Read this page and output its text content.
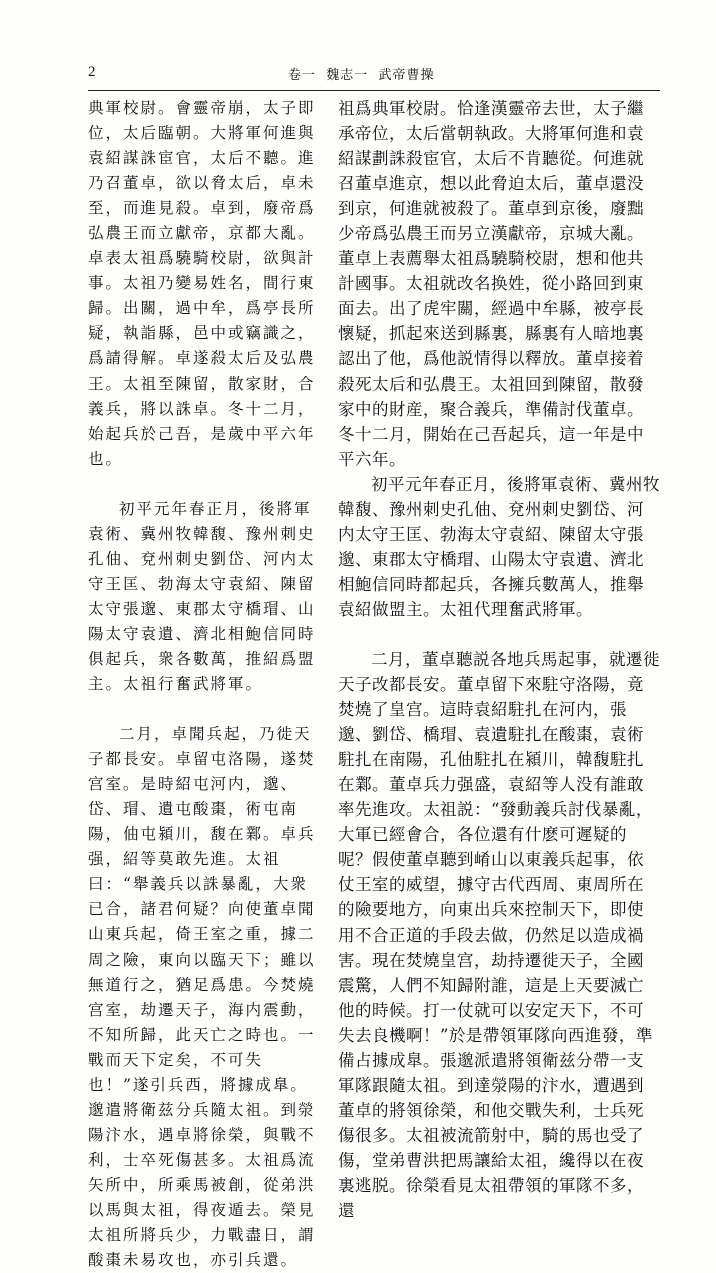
2	卷一  魏志一  武帝曹操

典軍校尉。會靈帝崩，太子即位，太后臨朝。大將軍何進與袁紹謀誅宦官，太后不聽。進乃召董卓，欲以脅太后，卓未至，而進見殺。卓到，廢帝爲弘農王而立獻帝，京都大亂。卓表太祖爲驍騎校尉，欲與計事。太祖乃變易姓名，間行東歸。出關，過中牟，爲亭長所疑，執詣縣，邑中或竊識之，爲請得解。卓遂殺太后及弘農王。太祖至陳留，散家財，合義兵，將以誅卓。冬十二月，始起兵於己吾，是歲中平六年也。

初平元年春正月，後將軍袁術、冀州牧韓馥、豫州刺史孔伷、兗州刺史劉岱、河内太守王匡、勃海太守袁紹、陳留太守張邈、東郡太守橋瑁、山陽太守袁遺、濟北相鮑信同時俱起兵，衆各數萬，推紹爲盟主。太祖行奮武將軍。

二月，卓聞兵起，乃徙天子都長安。卓留屯洛陽，遂焚宫室。是時紹屯河内，邈、岱、瑁、遺屯酸棗，術屯南陽，伷屯潁川，馥在鄴。卓兵强，紹等莫敢先進。太祖曰：“舉義兵以誅暴亂，大衆已合，諸君何疑？向使董卓聞山東兵起，倚王室之重，據二周之險，東向以臨天下；雖以無道行之，猶足爲患。今焚燒宫室，劫遷天子，海内震動，不知所歸，此天亡之時也。一戰而天下定矣，不可失也！”遂引兵西，將據成臯。邈遣將衛兹分兵隨太祖。到滎陽汴水，遇卓將徐榮，與戰不利，士卒死傷甚多。太祖爲流矢所中，所乘馬被創，從弟洪以馬與太祖，得夜遁去。榮見太祖所將兵少，力戰盡日，謂酸棗未易攻也，亦引兵還。

祖爲典軍校尉。恰逢漢靈帝去世，太子繼承帝位，太后當朝執政。大將軍何進和袁紹謀劃誅殺宦官，太后不肯聽從。何進就召董卓進京，想以此脅迫太后，董卓還没到京，何進就被殺了。董卓到京後，廢黜少帝爲弘農王而另立漢獻帝，京城大亂。董卓上表薦舉太祖爲驍騎校尉，想和他共計國事。太祖就改名换姓，從小路回到東面去。出了虎牢關，經過中牟縣，被亭長懷疑，抓起來送到縣裏，縣裏有人暗地裏認出了他，爲他説情得以釋放。董卓接着殺死太后和弘農王。太祖回到陳留，散發家中的財産，聚合義兵，準備討伐董卓。冬十二月，開始在己吾起兵，這一年是中平六年。

初平元年春正月，後將軍袁術、冀州牧韓馥、豫州刺史孔伷、兗州刺史劉岱、河内太守王匡、勃海太守袁紹、陳留太守張邈、東郡太守橋瑁、山陽太守袁遺、濟北相鮑信同時都起兵，各擁兵數萬人，推舉袁紹做盟主。太祖代理奮武將軍。

二月，董卓聽説各地兵馬起事，就遷徙天子改都長安。董卓留下來駐守洛陽，竟焚燒了皇宫。這時袁紹駐扎在河内，張邈、劉岱、橋瑁、袁遺駐扎在酸棗，袁術駐扎在南陽，孔伷駐扎在潁川，韓馥駐扎在鄴。董卓兵力强盛，袁紹等人没有誰敢率先進攻。太祖説：“發動義兵討伐暴亂，大軍已經會合，各位還有什麽可遲疑的呢？假使董卓聽到崤山以東義兵起事，依仗王室的威望，據守古代西周、東周所在的險要地方，向東出兵來控制天下，即使用不合正道的手段去做，仍然足以造成禍害。現在焚燒皇宫，劫持遷徙天子，全國震驚，人們不知歸附誰，這是上天要滅亡他的時候。打一仗就可以安定天下，不可失去良機啊！”於是帶領軍隊向西進發，準備占據成臯。張邈派遣將領衛兹分帶一支軍隊跟隨太祖。到達滎陽的汴水，遭遇到董卓的將領徐榮，和他交戰失利，士兵死傷很多。太祖被流箭射中，騎的馬也受了傷，堂弟曹洪把馬讓給太祖，纔得以在夜裏逃脱。徐榮看見太祖帶領的軍隊不多，還
